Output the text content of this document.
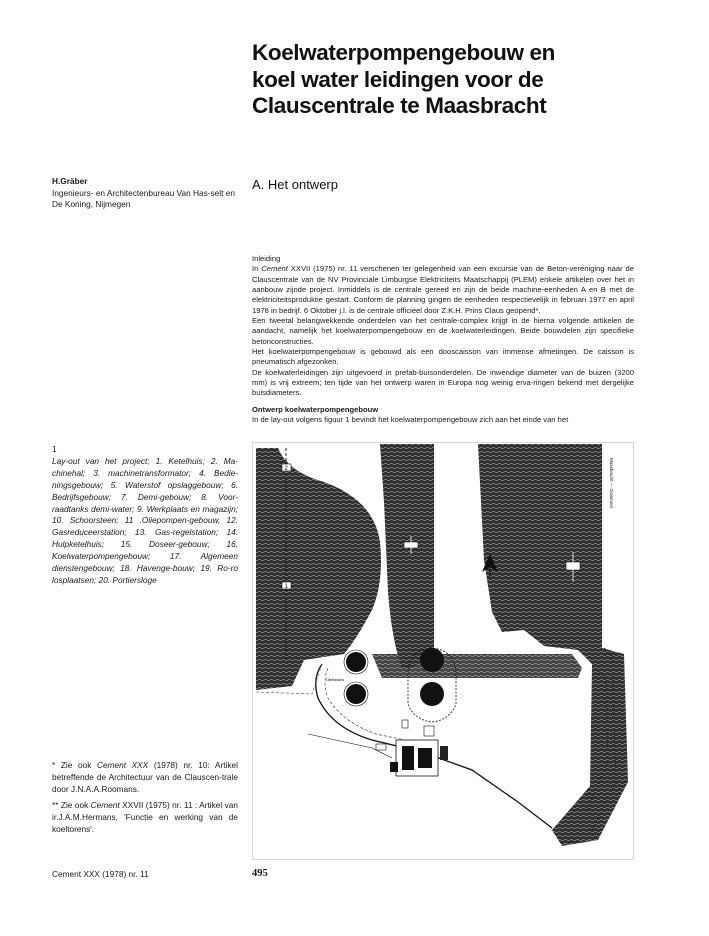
Koelwaterpompengebouw en
koel water leidingen voor de
Clauscentrale te Maasbracht
H.Gräber
Ingenieurs- en Architectenbureau Van Has-selt en De Koning, Nijmegen
A. Het ontwerp

Inleiding

In Cement XXVII (1975) nr. 11 verschenen ter gelegenheid van een excursie van de Beton-vereniging naar de Clauscentrale van de NV Provinciale Limburgse Elektriciteits Maatschappij (PLEM) enkele artikelen over het in aanbouw zijnde project. Inmiddels is de centrale gereed en zijn de beide machine-eenheden A en B met de elektriciteitsproduktie gestart. Conform de planning gingen de eenheden respectievelijk in februari 1977 en april 1978 in bedrijf. 6 Oktober j.l. is de centrale officieel door Z.K.H. Prins Claus geopend*.

Een tweetal belangwekkende onderdelen van het centrale-complex krijgt in de hierna volgende artikelen de aandacht, namelijk het koelwaterpompengebouw en de koelwaterleidingen. Beide bouwdelen zijn specifieke betonconstructies.

Het koelwaterpompengebouw is gebouwd als een dooscaisson van immense afmetingen. De caisson is pneumatisch afgezonken.

De koelwaterleidingen zijn uitgevoerd in prefab-buisonderdelen. De inwendige diameter van de buizen (3200 mm) is vrij extreem; ten tijde van het ontwerp waren in Europa nog weinig erva-ringen bekend met dergelijke buisdiameters.

Ontwerp koelwaterpompengebouw

In de lay-out volgens figuur 1 bevindt het koelwaterpompengebouw zich aan het einde van het

1
Lay-out van het project; 1. Ketelhuis; 2. Ma-chinehal; 3. machinetransformator; 4. Bedie-ningsgebouw; 5. Waterstof opslaggebouw; 6. Bedrijfsgebouw; 7. Demi-gebouw; 8. Voor-raadtanks demi-water; 9. Werkplaats en magazijn; 10. Schoorsteen; 11 .Oliepompen-gebouw, 12. Gasreducеerstation; 13. Gas-regelstation; 14. Hulpketelhuis; 15. Doseer-gebouw; 16. Koelwaterpompengebouw; 17. Algemeen dienstengebouw; 18. Havenge-bouw; 19. Ro-ro losplaatsen; 20. Portiersloge
2
1
Maasbracht — Ooiamnet
Oliebassins
* Zie ook Cement XXX (1978) nr. 10: Artikel betreffende de Architectuur van de Clauscen-trale door J.N.A.A.Roomans.
** Zie ook Cement XXVII (1975) nr. 11 : Artikel van ir.J.A.M.Hermans, 'Functie en werking van de koeltorens'.
Cement XXX (1978) nr. 11	495
